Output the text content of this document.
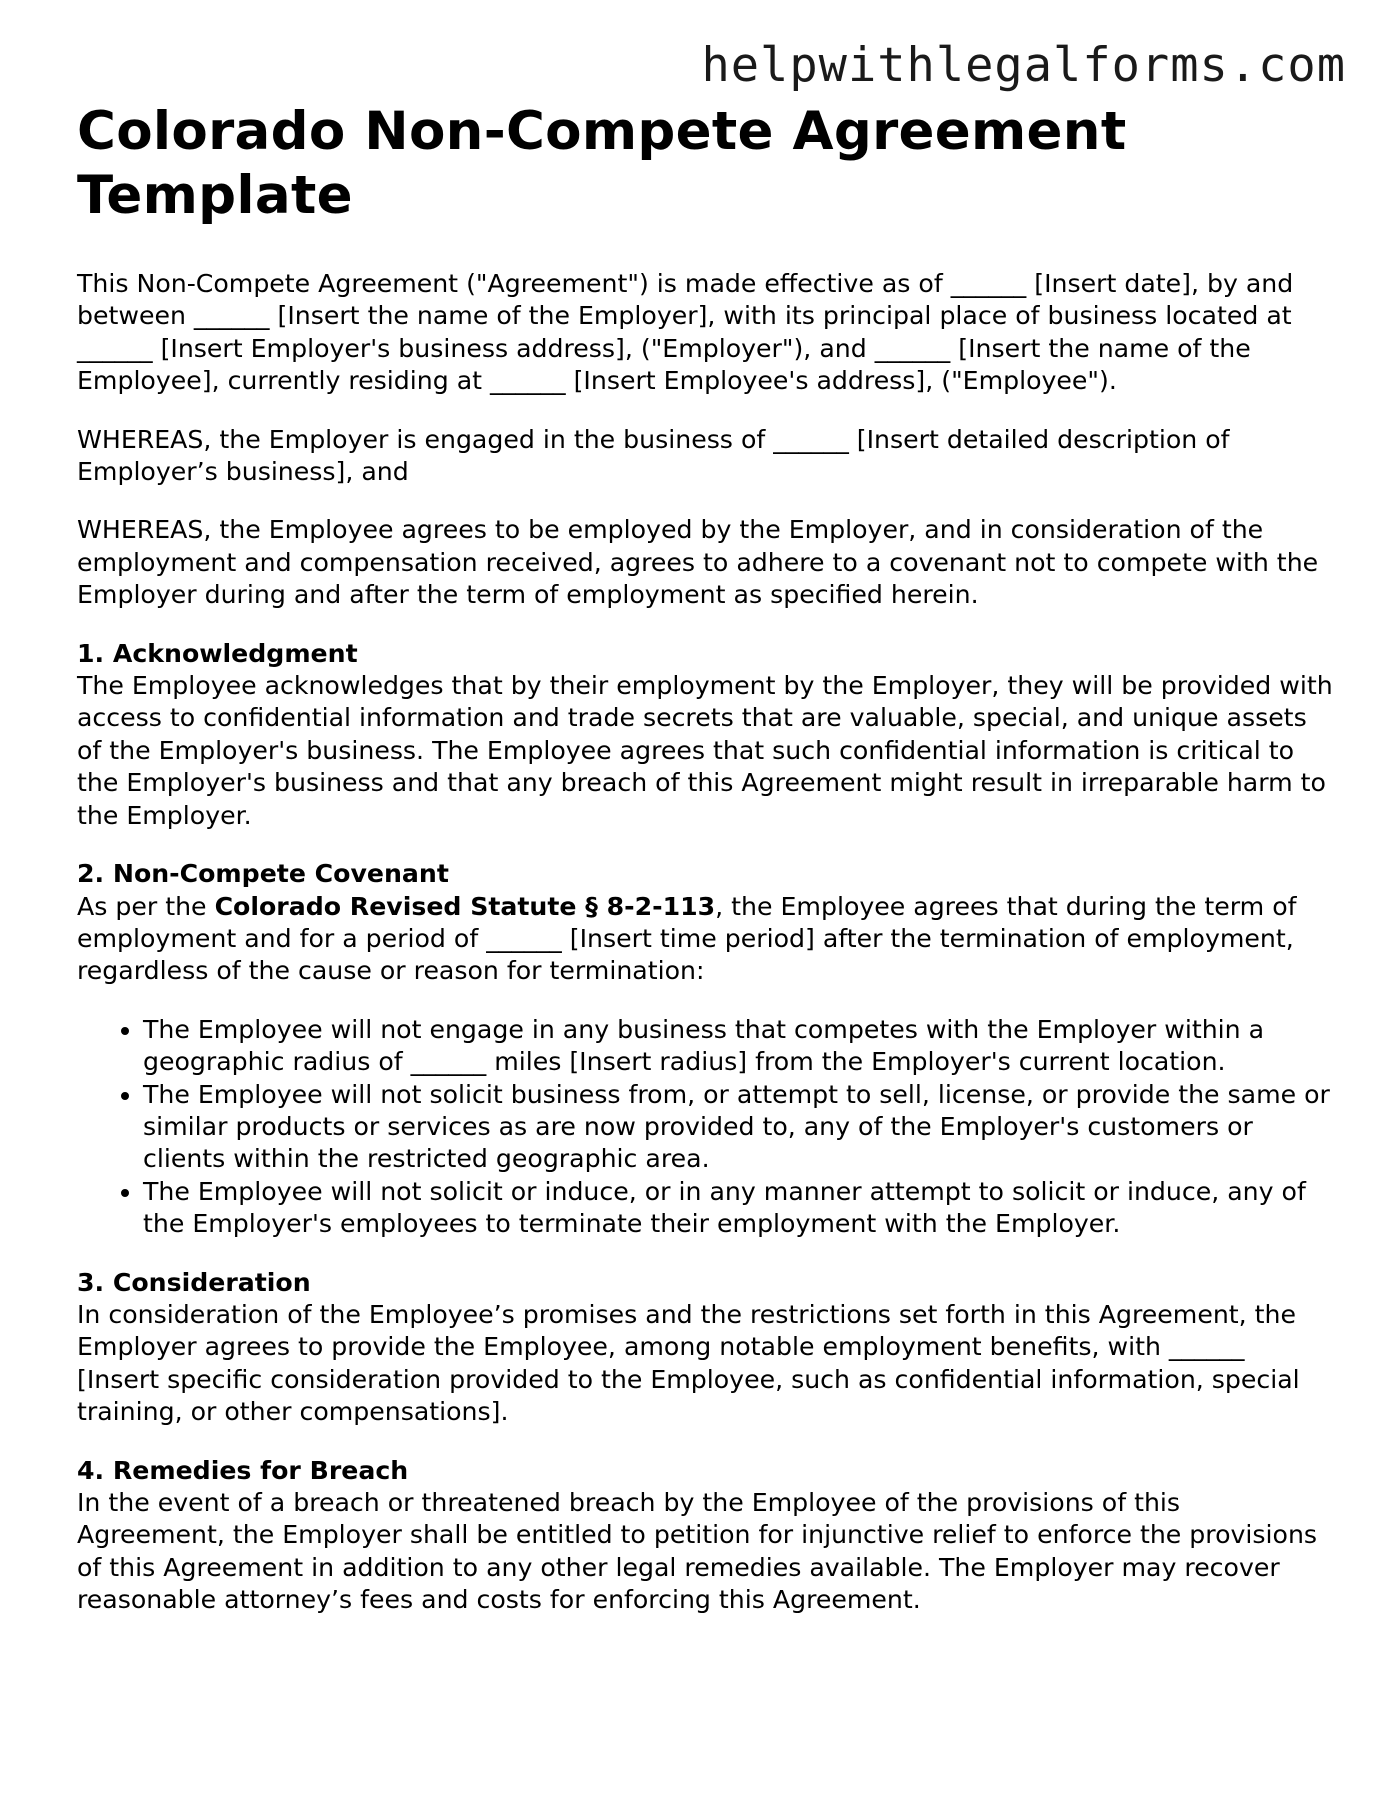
helpwithlegalforms.com
Colorado Non-Compete Agreement Template

This Non-Compete Agreement ("Agreement") is made effective as of ______ [Insert date], by and between ______ [Insert the name of the Employer], with its principal place of business located at ______ [Insert Employer's business address], ("Employer"), and ______ [Insert the name of the Employee], currently residing at ______ [Insert Employee's address], ("Employee").

WHEREAS, the Employer is engaged in the business of ______ [Insert detailed description of Employer’s business], and

WHEREAS, the Employee agrees to be employed by the Employer, and in consideration of the employment and compensation received, agrees to adhere to a covenant not to compete with the Employer during and after the term of employment as specified herein.

1. Acknowledgment

The Employee acknowledges that by their employment by the Employer, they will be provided with access to confidential information and trade secrets that are valuable, special, and unique assets of the Employer's business. The Employee agrees that such confidential information is critical to the Employer's business and that any breach of this Agreement might result in irreparable harm to the Employer.

2. Non-Compete Covenant

As per the Colorado Revised Statute § 8-2-113, the Employee agrees that during the term of employment and for a period of ______ [Insert time period] after the termination of employment, regardless of the cause or reason for termination:

• The Employee will not engage in any business that competes with the Employer within a geographic radius of ______ miles [Insert radius] from the Employer's current location.
• The Employee will not solicit business from, or attempt to sell, license, or provide the same or similar products or services as are now provided to, any of the Employer's customers or clients within the restricted geographic area.
• The Employee will not solicit or induce, or in any manner attempt to solicit or induce, any of the Employer's employees to terminate their employment with the Employer.
3. Consideration

In consideration of the Employee’s promises and the restrictions set forth in this Agreement, the Employer agrees to provide the Employee, among notable employment benefits, with ______ [Insert specific consideration provided to the Employee, such as confidential information, special training, or other compensations].

4. Remedies for Breach

In the event of a breach or threatened breach by the Employee of the provisions of this Agreement, the Employer shall be entitled to petition for injunctive relief to enforce the provisions of this Agreement in addition to any other legal remedies available. The Employer may recover reasonable attorney’s fees and costs for enforcing this Agreement.
